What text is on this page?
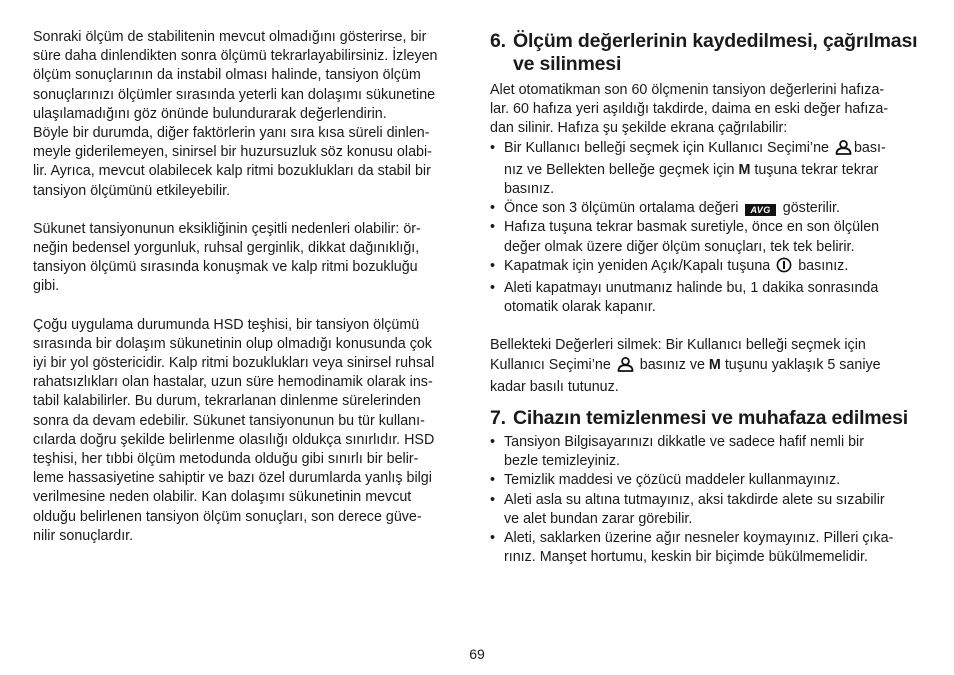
Sonraki ölçüm de stabilitenin mevcut olmadığını gösterirse, bir
süre daha dinlendikten sonra ölçümü tekrarlayabilirsiniz. İzleyen
ölçüm sonuçlarının da instabil olması halinde, tansiyon ölçüm
sonuçlarınızı ölçümler sırasında yeterli kan dolaşımı sükunetine
ulaşılamadığını göz önünde bulundurarak değerlendirin.
Böyle bir durumda, diğer faktörlerin yanı sıra kısa süreli dinlen-
meyle giderilemeyen, sinirsel bir huzursuzluk söz konusu olabi-
lir. Ayrıca, mevcut olabilecek kalp ritmi bozuklukları da stabil bir
tansiyon ölçümünü etkileyebilir.
Sükunet tansiyonunun eksikliğinin çeşitli nedenleri olabilir: ör-
neğin bedensel yorgunluk, ruhsal gerginlik, dikkat dağınıklığı,
tansiyon ölçümü sırasında konuşmak ve kalp ritmi bozukluğu
gibi.
Çoğu uygulama durumunda HSD teşhisi, bir tansiyon ölçümü
sırasında bir dolaşım sükunetinin olup olmadığı konusunda çok
iyi bir yol göstericidir. Kalp ritmi bozuklukları veya sinirsel ruhsal
rahatsızlıkları olan hastalar, uzun süre hemodinamik olarak ins-
tabil kalabilirler. Bu durum, tekrarlanan dinlenme sürelerinden
sonra da devam edebilir. Sükunet tansiyonunun bu tür kullanı-
cılarda doğru şekilde belirlenme olasılığı oldukça sınırlıdır. HSD
teşhisi, her tıbbi ölçüm metodunda olduğu gibi sınırlı bir belir-
leme hassasiyetine sahiptir ve bazı özel durumlarda yanlış bilgi
verilmesine neden olabilir. Kan dolaşımı sükunetinin mevcut
olduğu belirlenen tansiyon ölçüm sonuçları, son derece güve-
nilir sonuçlardır.
6. Ölçüm değerlerinin kaydedilmesi, çağrılması
ve silinmesi
Alet otomatikman son 60 ölçmenin tansiyon değerlerini hafıza-
lar. 60 hafıza yeri aşıldığı takdirde, daima en eski değer hafıza-
dan silinir. Hafıza şu şekilde ekrana çağrılabilir:
• Bir Kullanıcı belleği seçmek için Kullanıcı Seçimi’ne bası-
nız ve Bellekten belleğe geçmek için M tuşuna tekrar tekrar
basınız.
• Önce son 3 ölçümün ortalama değeri AVG gösterilir.
• Hafıza tuşuna tekrar basmak suretiyle, önce en son ölçülen
değer olmak üzere diğer ölçüm sonuçları, tek tek belirir.
• Kapatmak için yeniden Açık/Kapalı tuşuna basınız.
• Aleti kapatmayı unutmanız halinde bu, 1 dakika sonrasında
otomatik olarak kapanır.
Bellekteki Değerleri silmek: Bir Kullanıcı belleği seçmek için
Kullanıcı Seçimi’ne basınız ve M tuşunu yaklaşık 5 saniye
kadar basılı tutunuz.
7. Cihazın temizlenmesi ve muhafaza edilmesi
• Tansiyon Bilgisayarınızı dikkatle ve sadece hafif nemli bir
bezle temizleyiniz.
• Temizlik maddesi ve çözücü maddeler kullanmayınız.
• Aleti asla su altına tutmayınız, aksi takdirde alete su sızabilir
ve alet bundan zarar görebilir.
• Aleti, saklarken üzerine ağır nesneler koymayınız. Pilleri çıka-
rınız. Manşet hortumu, keskin bir biçimde bükülmemelidir.
69
